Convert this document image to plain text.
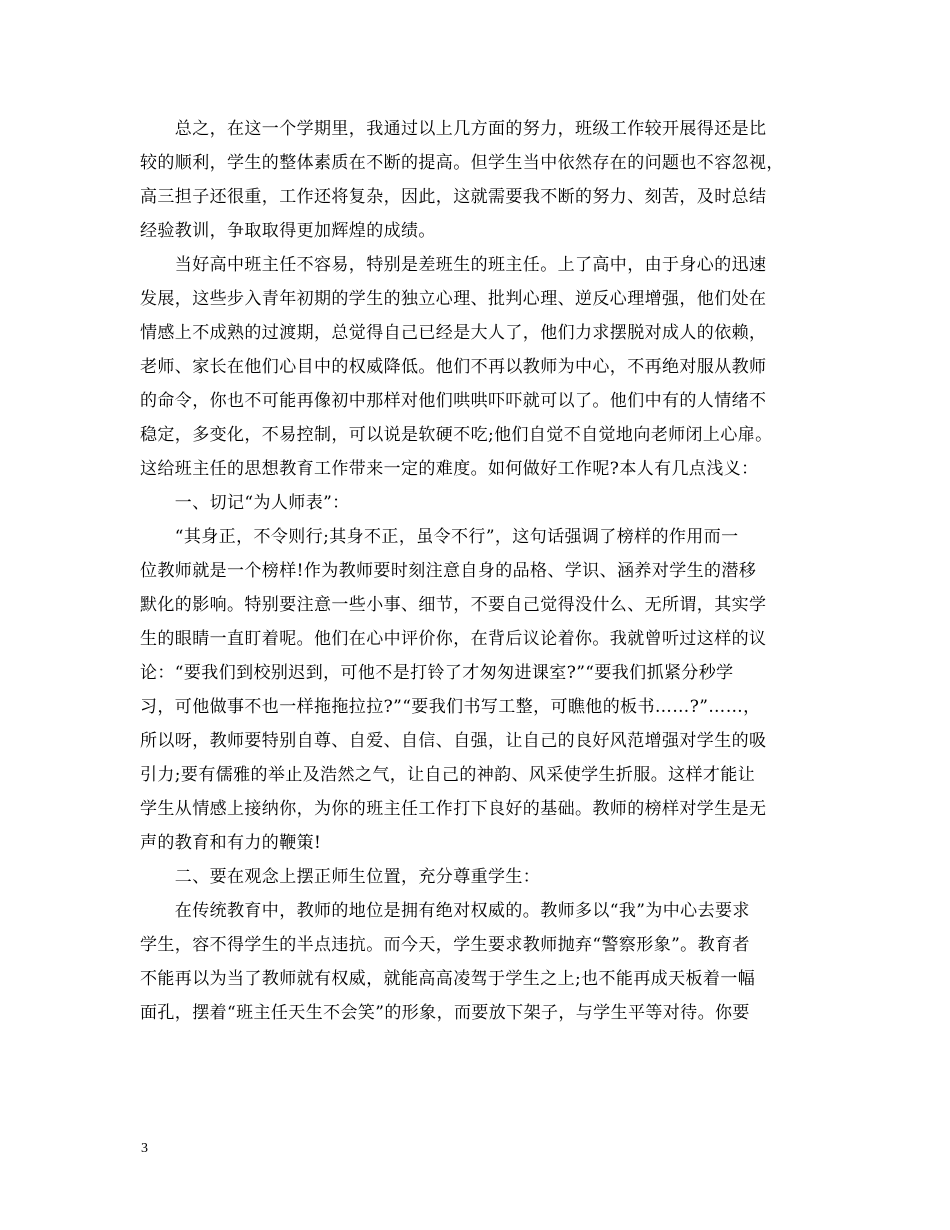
　　总之，在这一个学期里，我通过以上几方面的努力，班级工作较开展得还是比

较的顺利，学生的整体素质在不断的提高。但学生当中依然存在的问题也不容忽视，

高三担子还很重，工作还将复杂，因此，这就需要我不断的努力、刻苦，及时总结

经验教训，争取取得更加辉煌的成绩。

　　当好高中班主任不容易，特别是差班生的班主任。上了高中，由于身心的迅速

发展，这些步入青年初期的学生的独立心理、批判心理、逆反心理增强，他们处在

情感上不成熟的过渡期，总觉得自己已经是大人了，他们力求摆脱对成人的依赖，

老师、家长在他们心目中的权威降低。他们不再以教师为中心，不再绝对服从教师

的命令，你也不可能再像初中那样对他们哄哄吓吓就可以了。他们中有的人情绪不

稳定，多变化，不易控制，可以说是软硬不吃;他们自觉不自觉地向老师闭上心扉。

这给班主任的思想教育工作带来一定的难度。如何做好工作呢?本人有几点浅义：

　　一、切记“为人师表”：

　　“其身正，不令则行;其身不正，虽令不行”，这句话强调了榜样的作用而一

位教师就是一个榜样!作为教师要时刻注意自身的品格、学识、涵养对学生的潜移

默化的影响。特别要注意一些小事、细节，不要自己觉得没什么、无所谓，其实学

生的眼睛一直盯着呢。他们在心中评价你，在背后议论着你。我就曾听过这样的议

论：“要我们到校别迟到，可他不是打铃了才匆匆进课室?”“要我们抓紧分秒学

习，可他做事不也一样拖拖拉拉?”“要我们书写工整，可瞧他的板书……?”……，

所以呀，教师要特别自尊、自爱、自信、自强，让自己的良好风范增强对学生的吸

引力;要有儒雅的举止及浩然之气，让自己的神韵、风采使学生折服。这样才能让

学生从情感上接纳你，为你的班主任工作打下良好的基础。教师的榜样对学生是无

声的教育和有力的鞭策!

　　二、要在观念上摆正师生位置，充分尊重学生：

　　在传统教育中，教师的地位是拥有绝对权威的。教师多以“我”为中心去要求

学生，容不得学生的半点违抗。而今天，学生要求教师抛弃“警察形象”。教育者

不能再以为当了教师就有权威，就能高高凌驾于学生之上;也不能再成天板着一幅

面孔，摆着“班主任天生不会笑”的形象，而要放下架子，与学生平等对待。你要

3
